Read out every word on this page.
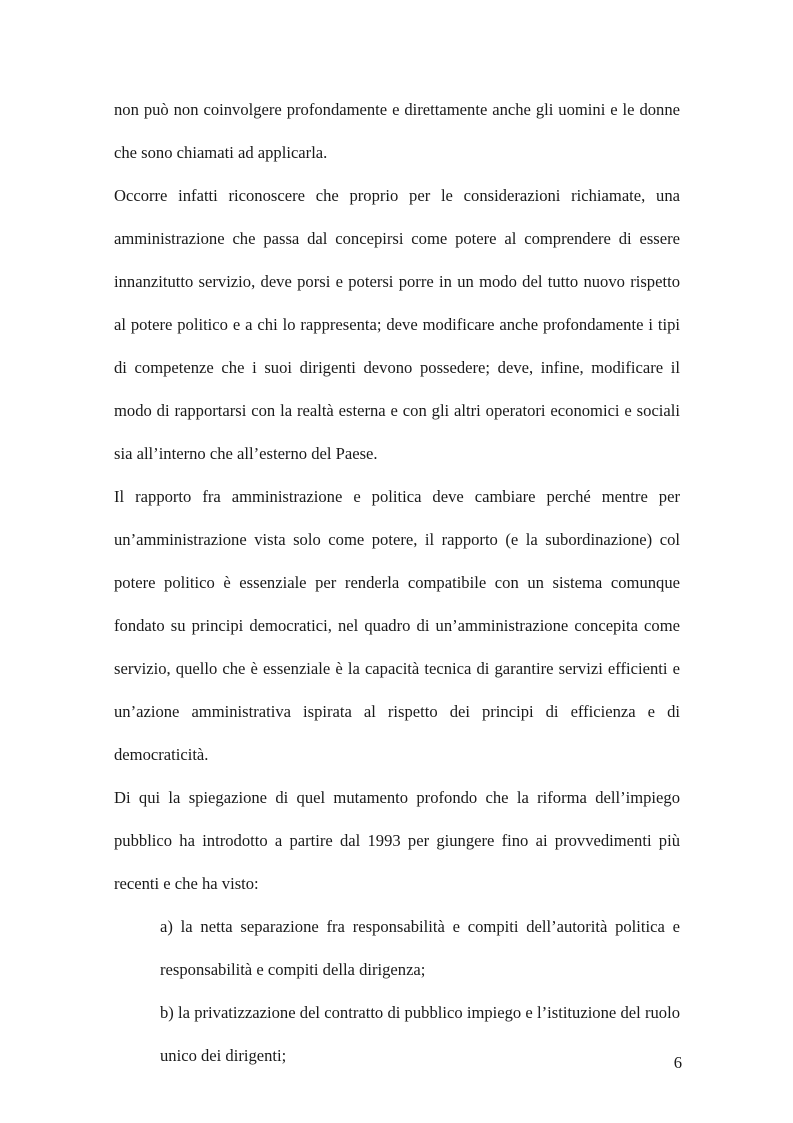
non può non coinvolgere profondamente e direttamente anche gli uomini e le donne che sono chiamati ad applicarla.

Occorre infatti riconoscere che proprio per le considerazioni richiamate, una amministrazione che passa dal concepirsi come potere al comprendere di essere innanzitutto servizio, deve porsi e potersi porre in un modo del tutto nuovo rispetto al potere politico e a chi lo rappresenta; deve modificare anche profondamente i tipi di competenze che i suoi dirigenti devono possedere; deve, infine, modificare il modo di rapportarsi con la realtà esterna e con gli altri operatori economici e sociali sia all’interno che all’esterno del Paese.

Il rapporto fra amministrazione e politica deve cambiare perché mentre per un’amministrazione vista solo come potere, il rapporto (e la subordinazione) col potere politico è essenziale per renderla compatibile con un sistema comunque fondato su principi democratici, nel quadro di un’amministrazione concepita come servizio, quello che è essenziale è la capacità tecnica di garantire servizi efficienti e un’azione amministrativa ispirata al rispetto dei principi di efficienza e di democraticità.

Di qui la spiegazione di quel mutamento profondo che la riforma dell’impiego pubblico ha introdotto a partire dal 1993 per giungere fino ai provvedimenti più recenti e che ha visto:

a) la netta separazione fra responsabilità e compiti dell’autorità politica e responsabilità e compiti della dirigenza;

b) la privatizzazione del contratto di pubblico impiego e l’istituzione del ruolo unico dei dirigenti;	6
